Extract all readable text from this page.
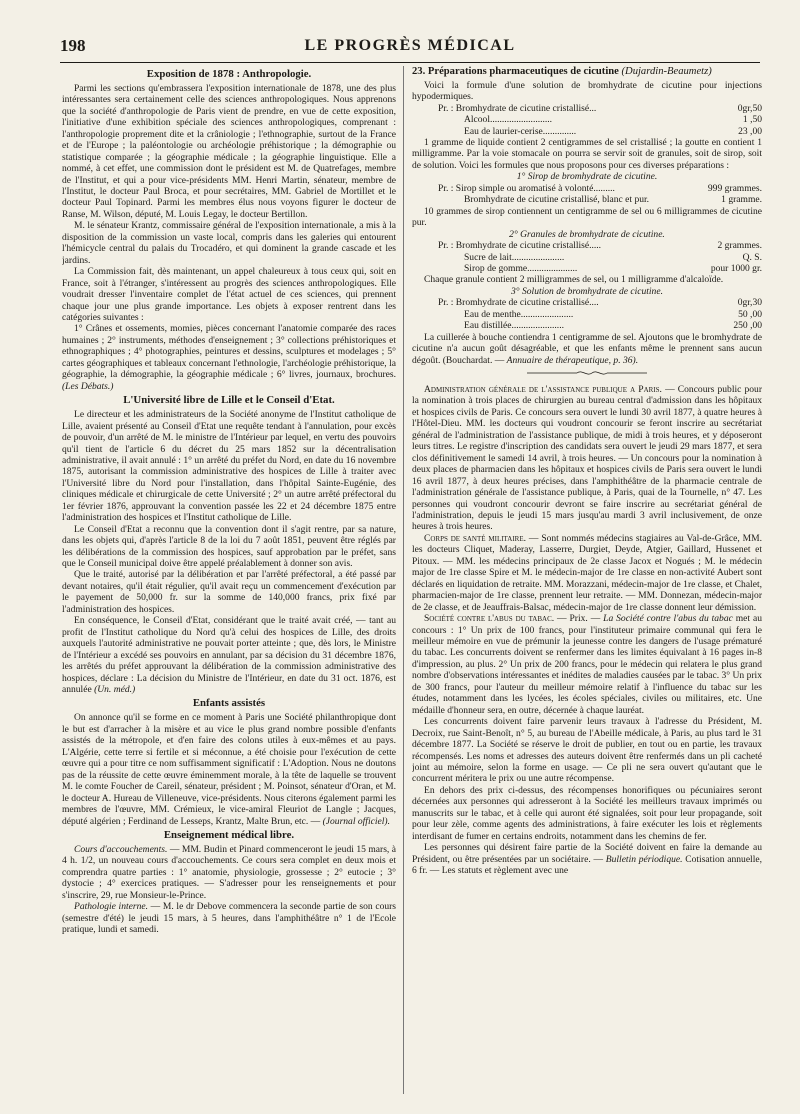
198	LE PROGRÈS MÉDICAL
Exposition de 1878 : Anthropologie.

Parmi les sections qu'embrassera l'exposition internationale de 1878, une des plus intéressantes sera certainement celle des sciences anthropologiques. Nous apprenons que la société d'anthropologie de Paris vient de prendre, en vue de cette exposition, l'initiative d'une exhibition spéciale des sciences anthropologiques, comprenant : l'anthropologie proprement dite et la crâniologie ; l'ethnographie, surtout de la France et de l'Europe ; la paléontologie ou archéologie préhistorique ; la démographie ou statistique comparée ; la géographie médicale ; la géographie linguistique. Elle a nommé, à cet effet, une commission dont le président est M. de Quatrefages, membre de l'Institut, et qui a pour vice-présidents MM. Henri Martin, sénateur, membre de l'Institut, le docteur Paul Broca, et pour secrétaires, MM. Gabriel de Mortillet et le docteur Paul Topinard. Parmi les membres élus nous voyons figurer le docteur de Ranse, M. Wilson, député, M. Louis Legay, le docteur Bertillon.

M. le sénateur Krantz, commissaire général de l'exposition internationale, a mis à la disposition de la commission un vaste local, compris dans les galeries qui entourent l'hémicycle central du palais du Trocadéro, et qui dominent la grande cascade et les jardins.

La Commission fait, dès maintenant, un appel chaleureux à tous ceux qui, soit en France, soit à l'étranger, s'intéressent au progrès des sciences anthropologiques. Elle voudrait dresser l'inventaire complet de l'état actuel de ces sciences, qui prennent chaque jour une plus grande importance. Les objets à exposer rentrent dans les catégories suivantes :

1° Crânes et ossements, momies, pièces concernant l'anatomie comparée des races humaines ; 2° instruments, méthodes d'enseignement ; 3° collections préhistoriques et ethnographiques ; 4° photographies, peintures et dessins, sculptures et modelages ; 5° cartes géographiques et tableaux concernant l'ethnologie, l'archéologie préhistorique, la géographie, la démographie, la géographie médicale ; 6° livres, journaux, brochures. (Les Débats.)

L'Université libre de Lille et le Conseil d'Etat.

Le directeur et les administrateurs de la Société anonyme de l'Institut catholique de Lille, avaient présenté au Conseil d'Etat une requête tendant à l'annulation, pour excès de pouvoir, d'un arrêté de M. le ministre de l'Intérieur par lequel, en vertu des pouvoirs qu'il tient de l'article 6 du décret du 25 mars 1852 sur la décentralisation administrative, il avait annulé : 1° un arrêté du préfet du Nord, en date du 16 novembre 1875, autorisant la commission administrative des hospices de Lille à traiter avec l'Université libre du Nord pour l'installation, dans l'hôpital Sainte-Eugénie, des cliniques médicale et chirurgicale de cette Université ; 2° un autre arrêté préfectoral du 1er février 1876, approuvant la convention passée les 22 et 24 décembre 1875 entre l'administration des hospices et l'Institut catholique de Lille.

Le Conseil d'Etat a reconnu que la convention dont il s'agit rentre, par sa nature, dans les objets qui, d'après l'article 8 de la loi du 7 août 1851, peuvent être réglés par les délibérations de la commission des hospices, sauf approbation par le préfet, sans que le Conseil municipal doive être appelé préalablement à donner son avis.

Que le traité, autorisé par la délibération et par l'arrêté préfectoral, a été passé par devant notaires, qu'il était régulier, qu'il avait reçu un commencement d'exécution par le payement de 50,000 fr. sur la somme de 140,000 francs, prix fixé par l'administration des hospices.

En conséquence, le Conseil d'Etat, considérant que le traité avait créé, — tant au profit de l'Institut catholique du Nord qu'à celui des hospices de Lille, des droits auxquels l'autorité administrative ne pouvait porter atteinte ; que, dès lors, le Ministre de l'Intérieur a excédé ses pouvoirs en annulant, par sa décision du 31 décembre 1876, les arrêtés du préfet approuvant la délibération de la commission administrative des hospices, déclare : La décision du Ministre de l'Intérieur, en date du 31 oct. 1876, est annulée (Un. méd.)

Enfants assistés

On annonce qu'il se forme en ce moment à Paris une Société philanthropique dont le but est d'arracher à la misère et au vice le plus grand nombre possible d'enfants assistés de la métropole, et d'en faire des colons utiles à eux-mêmes et au pays. L'Algérie, cette terre si fertile et si méconnue, a été choisie pour l'exécution de cette œuvre qui a pour titre ce nom suffisamment significatif : L'Adoption. Nous ne doutons pas de la réussite de cette œuvre éminemment morale, à la tête de laquelle se trouvent M. le comte Foucher de Careil, sénateur, président ; M. Poinsot, sénateur d'Oran, et M. le docteur A. Hureau de Villeneuve, vice-présidents. Nous citerons également parmi les membres de l'œuvre, MM. Crémieux, le vice-amiral Fleuriot de Langle ; Jacques, député algérien ; Ferdinand de Lesseps, Krantz, Malte Brun, etc. — (Journal officiel).

Enseignement médical libre.

Cours d'accouchements. — MM. Budin et Pinard commenceront le jeudi 15 mars, à 4 h. 1/2, un nouveau cours d'accouchements. Ce cours sera complet en deux mois et comprendra quatre parties : 1° anatomie, physiologie, grossesse ; 2° eutocie ; 3° dystocie ; 4° exercices pratiques. — S'adresser pour les renseignements et pour s'inscrire, 29, rue Monsieur-le-Prince.

Pathologie interne. — M. le dr Debove commencera la seconde partie de son cours (semestre d'été) le jeudi 15 mars, à 5 heures, dans l'amphithéâtre n° 1 de l'Ecole pratique, lundi et samedi.

23. Préparations pharmaceutiques de cicutine (Dujardin-Beaumetz)

Voici la formule d'une solution de bromhydrate de cicutine pour injections hypodermiques.

Pr. : Bromhydrate de cicutine cristallisé...	0gr,50
Alcool..........................	1 ,50
Eau de laurier-cerise..............	23 ,00

1 gramme de liquide contient 2 centigrammes de sel cristallisé ; la goutte en contient 1 milligramme. Par la voie stomacale on pourra se servir soit de granules, soit de sirop, soit de solution. Voici les formules que nous proposons pour ces diverses préparations :

1° Sirop de bromhydrate de cicutine.
Pr. : Sirop simple ou aromatisé à volonté.........	999 grammes.
Bromhydrate de cicutine cristallisé, blanc et pur.	1 gramme.

10 grammes de sirop contiennent un centigramme de sel ou 6 milligrammes de cicutine pur.

2° Granules de bromhydrate de cicutine.
Pr. : Bromhydrate de cicutine cristallisé.....	2 grammes.
Sucre de lait......................	Q. S.
Sirop de gomme.....................	pour 1000 gr.

Chaque granule contient 2 milligrammes de sel, ou 1 milligramme d'alcaloïde.

3° Solution de bromhydrate de cicutine.
Pr. : Bromhydrate de cicutine cristallisé....	0gr,30
Eau de menthe......................	50 ,00
Eau distillée......................	250 ,00

La cuillerée à bouche contiendra 1 centigramme de sel. Ajoutons que le bromhydrate de cicutine n'a aucun goût désagréable, et que les enfants même le prennent sans aucun dégoût. (Bouchardat. — Annuaire de thérapeutique, p. 36).

Administration générale de l'assistance publique a Paris. — Concours public pour la nomination à trois places de chirurgien au bureau central d'admission dans les hôpitaux et hospices civils de Paris. Ce concours sera ouvert le lundi 30 avril 1877, à quatre heures à l'Hôtel-Dieu. MM. les docteurs qui voudront concourir se feront inscrire au secrétariat général de l'administration de l'assistance publique, de midi à trois heures, et y déposeront leurs titres. Le registre d'inscription des candidats sera ouvert le jeudi 29 mars 1877, et sera clos définitivement le samedi 14 avril, à trois heures. — Un concours pour la nomination à deux places de pharmacien dans les hôpitaux et hospices civils de Paris sera ouvert le lundi 16 avril 1877, à deux heures précises, dans l'amphithéâtre de la pharmacie centrale de l'administration générale de l'assistance publique, à Paris, quai de la Tournelle, n° 47. Les personnes qui voudront concourir devront se faire inscrire au secrétariat général de l'administration, depuis le jeudi 15 mars jusqu'au mardi 3 avril inclusivement, de onze heures à trois heures.

Corps de santé militaire. — Sont nommés médecins stagiaires au Val-de-Grâce, MM. les docteurs Cliquet, Maderay, Lasserre, Durgiet, Deyde, Atgier, Gaillard, Hussenet et Pitoux. — MM. les médecins principaux de 2e classe Jacox et Nogués ; M. le médecin major de 1re classe Spire et M. le médecin-major de 1re classe en non-activité Aubert sont déclarés en liquidation de retraite. MM. Morazzani, médecin-major de 1re classe, et Chalet, pharmacien-major de 1re classe, prennent leur retraite. — MM. Donnezan, médecin-major de 2e classe, et de Jeauffrais-Balsac, médecin-major de 1re classe donnent leur démission.

Société contre l'abus du tabac. — Prix. — La Société contre l'abus du tabac met au concours : 1° Un prix de 100 francs, pour l'instituteur primaire communal qui fera le meilleur mémoire en vue de prémunir la jeunesse contre les dangers de l'usage prématuré du tabac. Les concurrents doivent se renfermer dans les limites équivalant à 16 pages in-8 d'impression, au plus. 2° Un prix de 200 francs, pour le médecin qui relatera le plus grand nombre d'observations intéressantes et inédites de maladies causées par le tabac. 3° Un prix de 300 francs, pour l'auteur du meilleur mémoire relatif à l'influence du tabac sur les études, notamment dans les lycées, les écoles spéciales, civiles ou militaires, etc. Une médaille d'honneur sera, en outre, décernée à chaque lauréat.

Les concurrents doivent faire parvenir leurs travaux à l'adresse du Président, M. Decroix, rue Saint-Benoît, n° 5, au bureau de l'Abeille médicale, à Paris, au plus tard le 31 décembre 1877. La Société se réserve le droit de publier, en tout ou en partie, les travaux récompensés. Les noms et adresses des auteurs doivent être renfermés dans un pli cacheté joint au mémoire, selon la forme en usage. — Ce pli ne sera ouvert qu'autant que le concurrent méritera le prix ou une autre récompense.

En dehors des prix ci-dessus, des récompenses honorifiques ou pécuniaires seront décernées aux personnes qui adresseront à la Société les meilleurs travaux imprimés ou manuscrits sur le tabac, et à celle qui auront été signalées, soit pour leur propagande, soit pour leur zèle, comme agents des administrations, à faire exécuter les lois et règlements interdisant de fumer en certains endroits, notamment dans les chemins de fer.

Les personnes qui désirent faire partie de la Société doivent en faire la demande au Président, ou être présentées par un sociétaire. — Bulletin périodique. Cotisation annuelle, 6 fr. — Les statuts et règlement avec une
